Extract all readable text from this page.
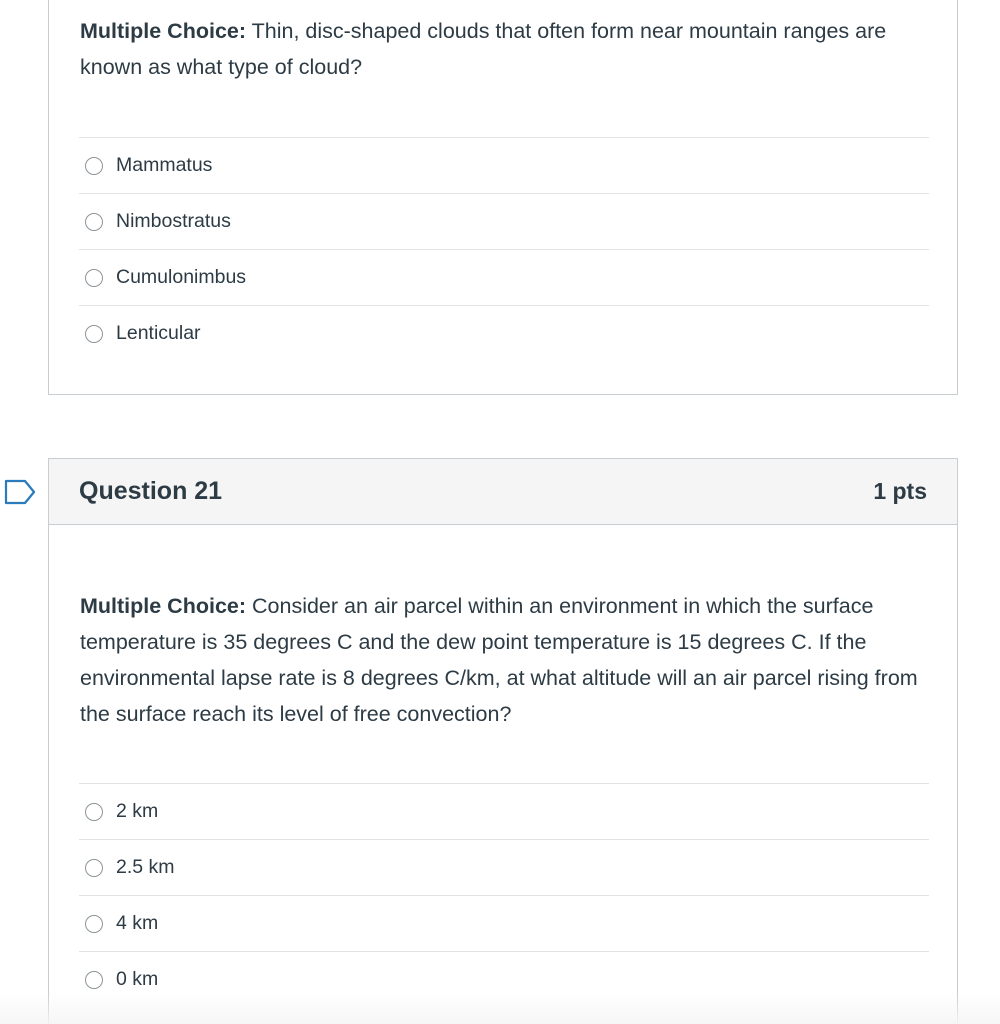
Multiple Choice: Thin, disc-shaped clouds that often form near mountain ranges are known as what type of cloud?
Mammatus
Nimbostratus
Cumulonimbus
Lenticular
Question 21	1 pts
Multiple Choice: Consider an air parcel within an environment in which the surface temperature is 35 degrees C and the dew point temperature is 15 degrees C. If the environmental lapse rate is 8 degrees C/km, at what altitude will an air parcel rising from the surface reach its level of free convection?
2 km
2.5 km
4 km
0 km
